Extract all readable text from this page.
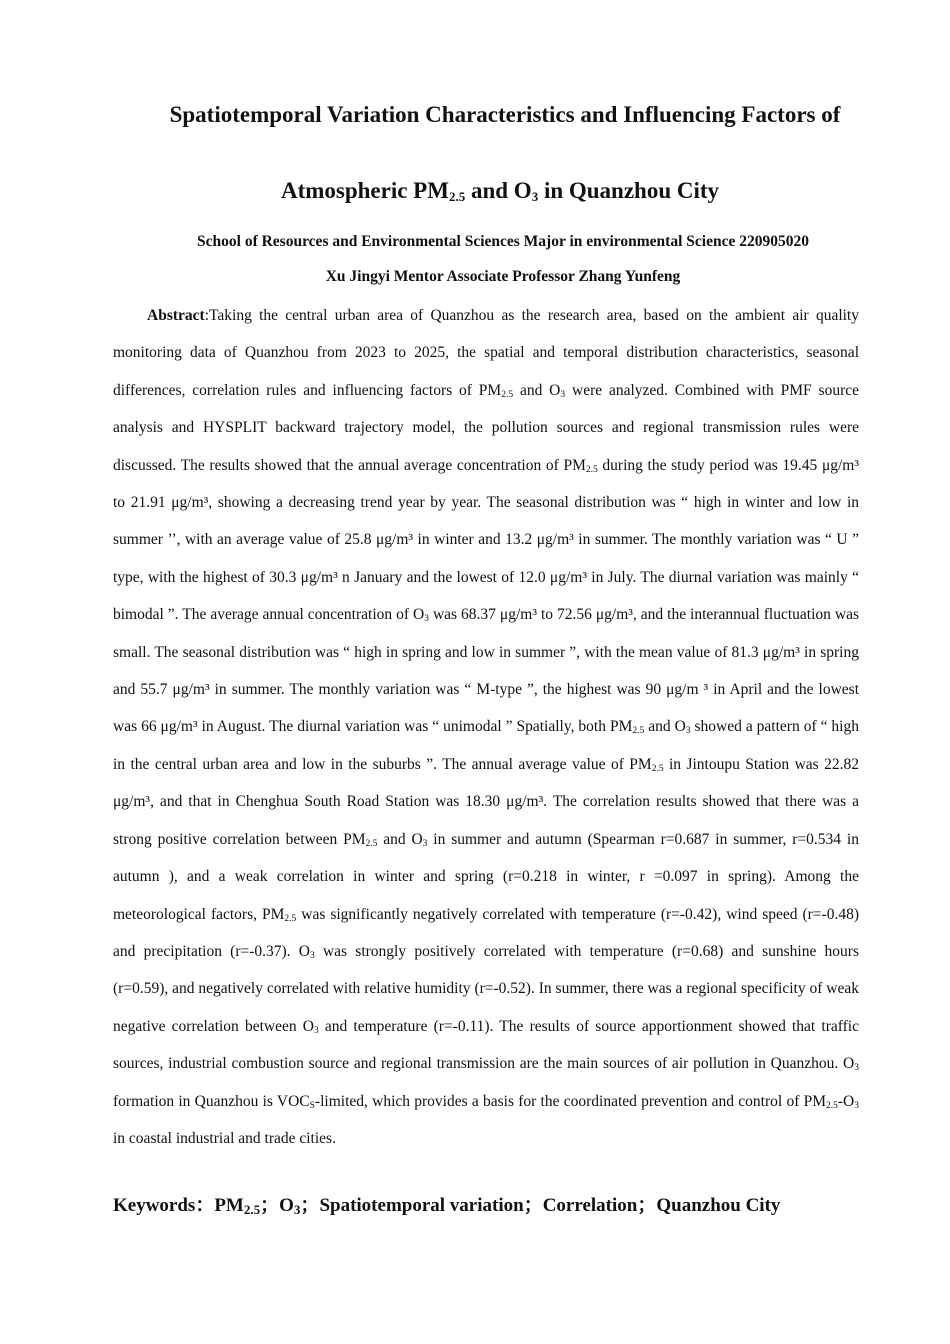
Spatiotemporal Variation Characteristics and Influencing Factors of
Atmospheric PM2.5 and O3 in Quanzhou City
School of Resources and Environmental Sciences Major in environmental Science 220905020
Xu Jingyi Mentor Associate Professor Zhang Yunfeng
Abstract:Taking the central urban area of Quanzhou as the research area, based on the ambient air quality monitoring data of Quanzhou from 2023 to 2025, the spatial and temporal distribution characteristics, seasonal differences, correlation rules and influencing factors of $PM_{2.5}$ and $O_3$ were analyzed. Combined with PMF source analysis and HYSPLIT backward trajectory model, the pollution sources and regional transmission rules were discussed. The results showed that the annual average concentration of $PM_{2.5}$ during the study period was 19.45 μg/m³ to 21.91 μg/m³, showing a decreasing trend year by year. The seasonal distribution was “ high in winter and low in summer ’’, with an average value of 25.8 μg/m³ in winter and 13.2 μg/m³ in summer. The monthly variation was “ U ” type, with the highest of 30.3 μg/m³ n January and the lowest of 12.0 μg/m³ in July. The diurnal variation was mainly “ bimodal ”. The average annual concentration of $O_3$ was 68.37 μg/m³ to 72.56 μg/m³, and the interannual fluctuation was small. The seasonal distribution was “ high in spring and low in summer ”, with the mean value of 81.3 μg/m³ in spring and 55.7 μg/m³ in summer. The monthly variation was “ M-type ”, the highest was 90 μg/m ³ in April and the lowest was 66 μg/m³ in August. The diurnal variation was “ unimodal ” Spatially, both $PM_{2.5}$ and $O_3$ showed a pattern of “ high in the central urban area and low in the suburbs ”. The annual average value of $PM_{2.5}$ in Jintoupu Station was 22.82 μg/m³, and that in Chenghua South Road Station was 18.30 μg/m³. The correlation results showed that there was a strong positive correlation between $PM_{2.5}$ and $O_3$ in summer and autumn (Spearman r=0.687 in summer, r=0.534 in autumn ), and a weak correlation in winter and spring (r=0.218 in winter, r =0.097 in spring). Among the meteorological factors, $PM_{2.5}$ was significantly negatively correlated with temperature (r=-0.42), wind speed (r=-0.48) and precipitation (r=-0.37). $O_3$ was strongly positively correlated with temperature (r=0.68) and sunshine hours (r=0.59), and negatively correlated with relative humidity (r=-0.52). In summer, there was a regional specificity of weak negative correlation between $O_3$ and temperature (r=-0.11). The results of source apportionment showed that traffic sources, industrial combustion source and regional transmission are the main sources of air pollution in Quanzhou. $O_3$ formation in Quanzhou is $VOC_S$-limited, which provides a basis for the coordinated prevention and control of $PM_{2.5}-O_3$ in coastal industrial and trade cities.
Keywords：PM2.5；O3；Spatiotemporal variation；Correlation；Quanzhou City
